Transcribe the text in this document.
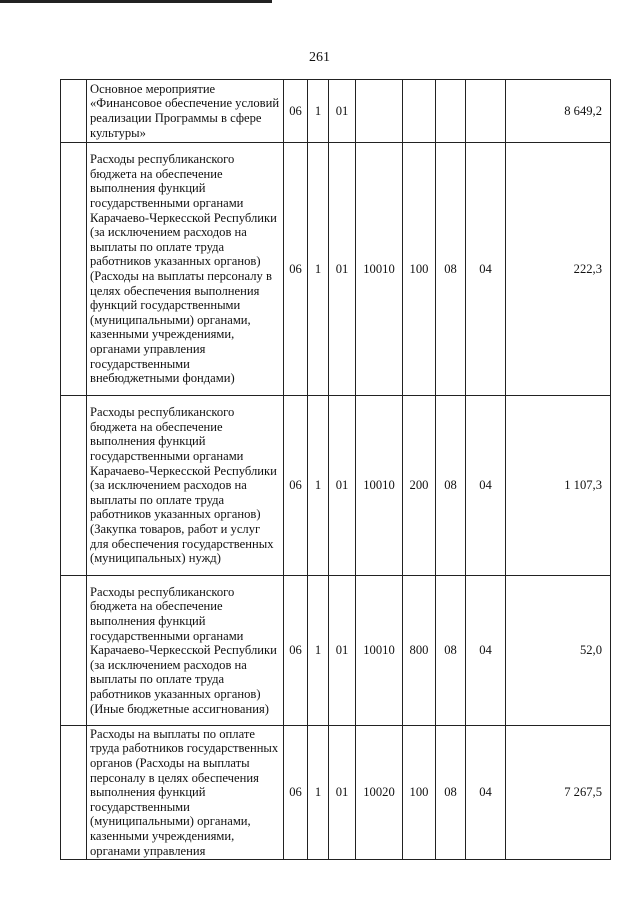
261
	Основное мероприятие «Финансовое обеспечение условий реализации Программы в сфере культуры»	06	1	01					8 649,2
	Расходы республиканского бюджета на обеспечение выполнения функций государственными органами Карачаево-Черкесской Республики (за исключением расходов на выплаты по оплате труда работников указанных органов) (Расходы на выплаты персоналу в целях обеспечения выполнения функций государственными (муниципальными) органами, казенными учреждениями, органами управления государственными внебюджетными фондами)	06	1	01	10010	100	08	04	222,3
	Расходы республиканского бюджета на обеспечение выполнения функций государственными органами Карачаево-Черкесской Республики (за исключением расходов на выплаты по оплате труда работников указанных органов) (Закупка товаров, работ и услуг для обеспечения государственных (муниципальных) нужд)	06	1	01	10010	200	08	04	1 107,3
	Расходы республиканского бюджета на обеспечение выполнения функций государственными органами Карачаево-Черкесской Республики (за исключением расходов на выплаты по оплате труда работников указанных органов) (Иные бюджетные ассигнования)	06	1	01	10010	800	08	04	52,0
	Расходы на выплаты по оплате труда работников государственных органов (Расходы на выплаты персоналу в целях обеспечения выполнения функций государственными (муниципальными) органами, казенными учреждениями, органами управления	06	1	01	10020	100	08	04	7 267,5
